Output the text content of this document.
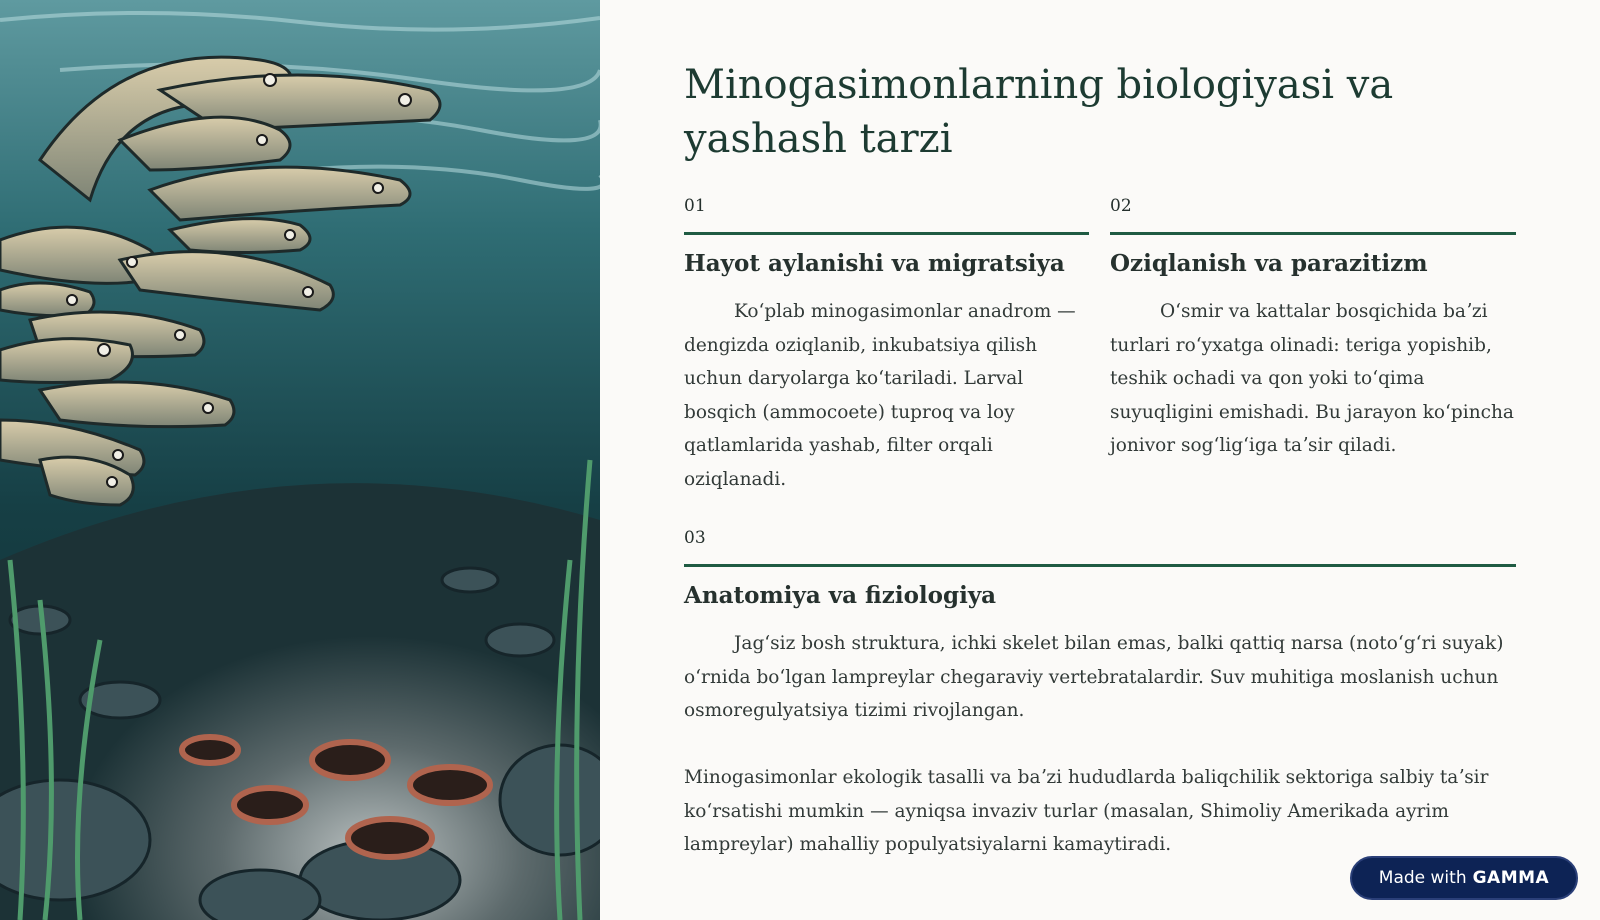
Minogasimonlarning biologiyasi va yashash tarzi
01
Hayot aylanishi va migratsiya

Koʻplab minogasimonlar anadrom — dengizda oziqlanib, inkubatsiya qilish uchun daryolarga koʻtariladi. Larval bosqich (ammocoete) tuproq va loy qatlamlarida yashab, filter orqali oziqlanadi.

02
Oziqlanish va parazitizm

Oʻsmir va kattalar bosqichida baʼzi turlari roʻyxatga olinadi: teriga yopishib, teshik ochadi va qon yoki toʻqima suyuqligini emishadi. Bu jarayon koʻpincha jonivor sogʻligʻiga taʼsir qiladi.

03
Anatomiya va fiziologiya

Jagʻsiz bosh struktura, ichki skelet bilan emas, balki qattiq narsa (notoʻgʻri suyak) oʻrnida boʻlgan lampreylar chegaraviy vertebratalardir. Suv muhitiga moslanish uchun osmoregulyatsiya tizimi rivojlangan.

Minogasimonlar ekologik tasalli va baʼzi hududlarda baliqchilik sektoriga salbiy taʼsir koʻrsatishi mumkin — ayniqsa invaziv turlar (masalan, Shimoliy Amerikada ayrim lampreylar) mahalliy populyatsiyalarni kamaytiradi.

Made with GAMMA
